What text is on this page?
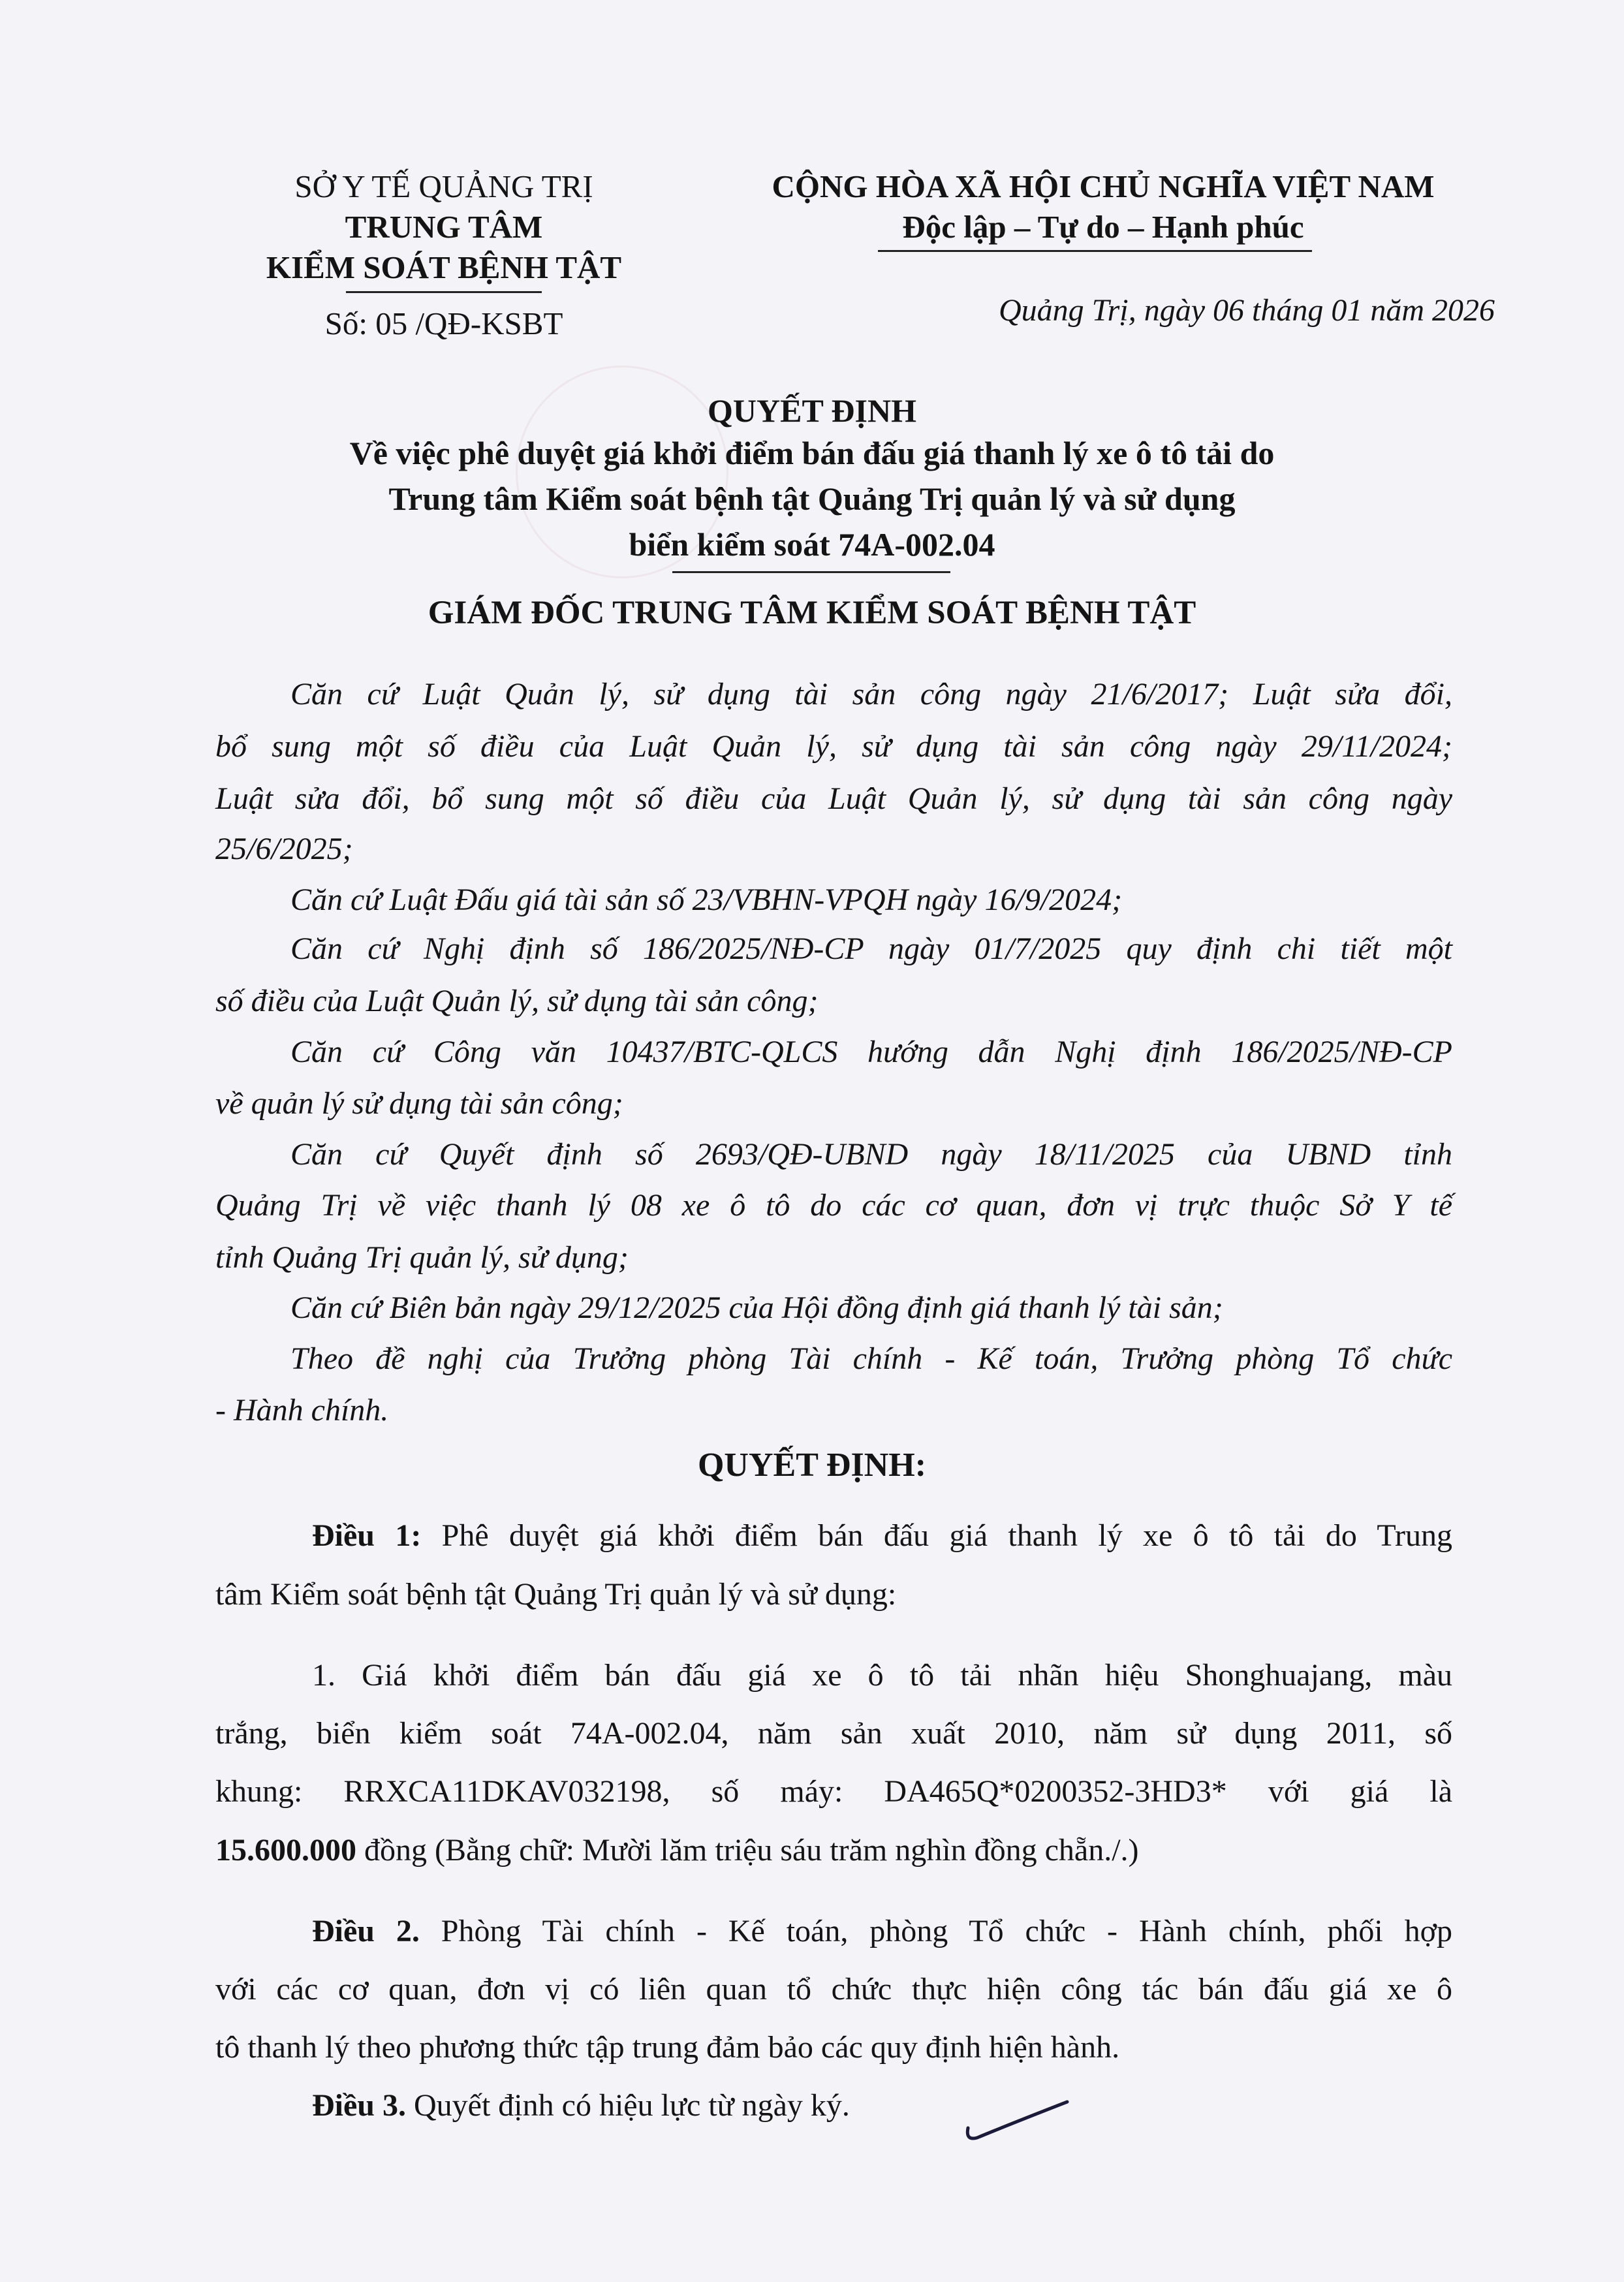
SỞ Y TẾ QUẢNG TRỊ
TRUNG TÂM
KIỂM SOÁT BỆNH TẬT
Số: 05 /QĐ-KSBT
CỘNG HÒA XÃ HỘI CHỦ NGHĨA VIỆT NAM
Độc lập – Tự do – Hạnh phúc
Quảng Trị, ngày 06 tháng 01 năm 2026
QUYẾT ĐỊNH
Về việc phê duyệt giá khởi điểm bán đấu giá thanh lý xe ô tô tải do
Trung tâm Kiểm soát bệnh tật Quảng Trị quản lý và sử dụng
biển kiểm soát 74A-002.04
GIÁM ĐỐC TRUNG TÂM KIỂM SOÁT BỆNH TẬT
Căn cứ Luật Quản lý, sử dụng tài sản công ngày 21/6/2017; Luật sửa đổi,
bổ sung một số điều của Luật Quản lý, sử dụng tài sản công ngày 29/11/2024;
Luật sửa đổi, bổ sung một số điều của Luật Quản lý, sử dụng tài sản công ngày
25/6/2025;
Căn cứ Luật Đấu giá tài sản số 23/VBHN-VPQH ngày 16/9/2024;
Căn cứ Nghị định số 186/2025/NĐ-CP ngày 01/7/2025 quy định chi tiết một
số điều của Luật Quản lý, sử dụng tài sản công;
Căn cứ Công văn 10437/BTC-QLCS hướng dẫn Nghị định 186/2025/NĐ-CP
về quản lý sử dụng tài sản công;
Căn cứ Quyết định số 2693/QĐ-UBND ngày 18/11/2025 của UBND tỉnh
Quảng Trị về việc thanh lý 08 xe ô tô do các cơ quan, đơn vị trực thuộc Sở Y tế
tỉnh Quảng Trị quản lý, sử dụng;
Căn cứ Biên bản ngày 29/12/2025 của Hội đồng định giá thanh lý tài sản;
Theo đề nghị của Trưởng phòng Tài chính - Kế toán, Trưởng phòng Tổ chức
- Hành chính.
QUYẾT ĐỊNH:
Điều 1: Phê duyệt giá khởi điểm bán đấu giá thanh lý xe ô tô tải do Trung
tâm Kiểm soát bệnh tật Quảng Trị quản lý và sử dụng:
1. Giá khởi điểm bán đấu giá xe ô tô tải nhãn hiệu Shonghuajang, màu
trắng, biển kiểm soát 74A-002.04, năm sản xuất 2010, năm sử dụng 2011, số
khung: RRXCA11DKAV032198, số máy: DA465Q*0200352-3HD3* với giá là
15.600.000 đồng (Bằng chữ: Mười lăm triệu sáu trăm nghìn đồng chẵn./.)
Điều 2. Phòng Tài chính - Kế toán, phòng Tổ chức - Hành chính, phối hợp
với các cơ quan, đơn vị có liên quan tổ chức thực hiện công tác bán đấu giá xe ô
tô thanh lý theo phương thức tập trung đảm bảo các quy định hiện hành.
Điều 3. Quyết định có hiệu lực từ ngày ký.
